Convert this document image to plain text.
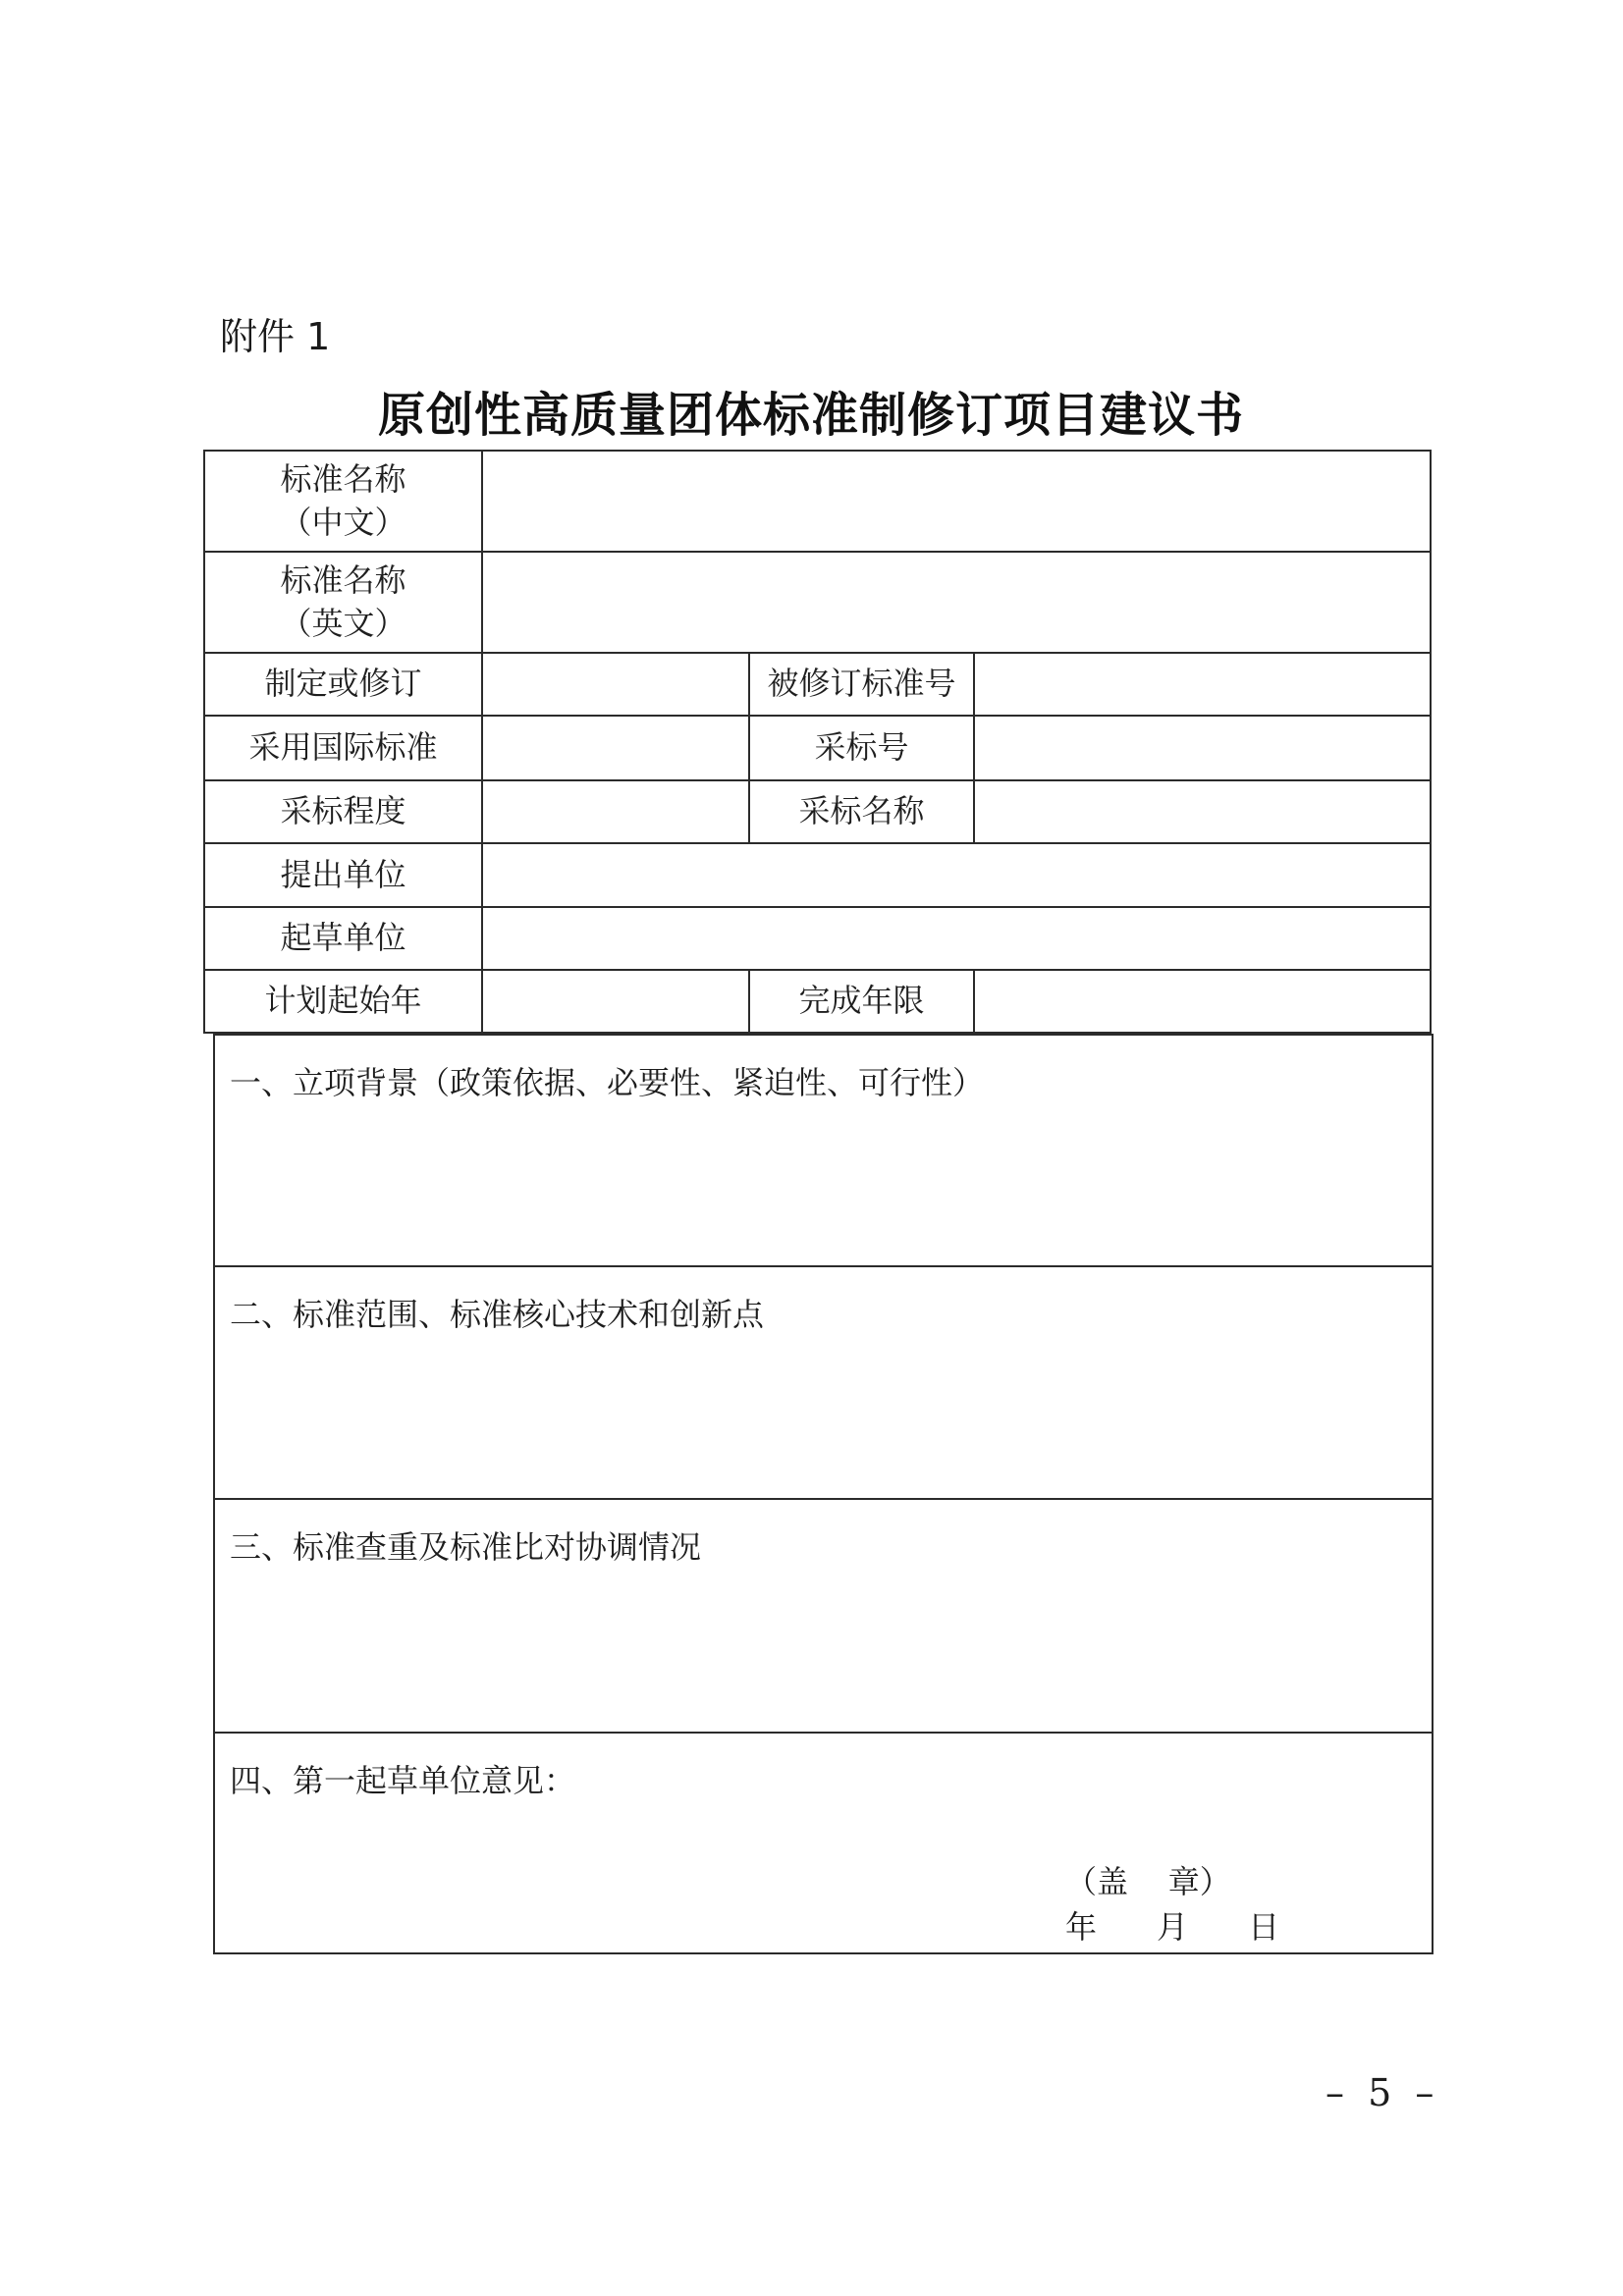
附件 1
原创性高质量团体标准制修订项目建议书
标准名称
（中文）			

标准名称
（英文）			

制定或修订		被修订标准号	
采用国际标准		采标号	
采标程度		采标名称	
提出单位			
起草单位			
计划起始年		完成年限	
一、立项背景（政策依据、必要性、紧迫性、可行性）
二、标准范围、标准核心技术和创新点
三、标准查重及标准比对协调情况
四、第一起草单位意见：
（盖    章）
年      月      日
– 5 –
